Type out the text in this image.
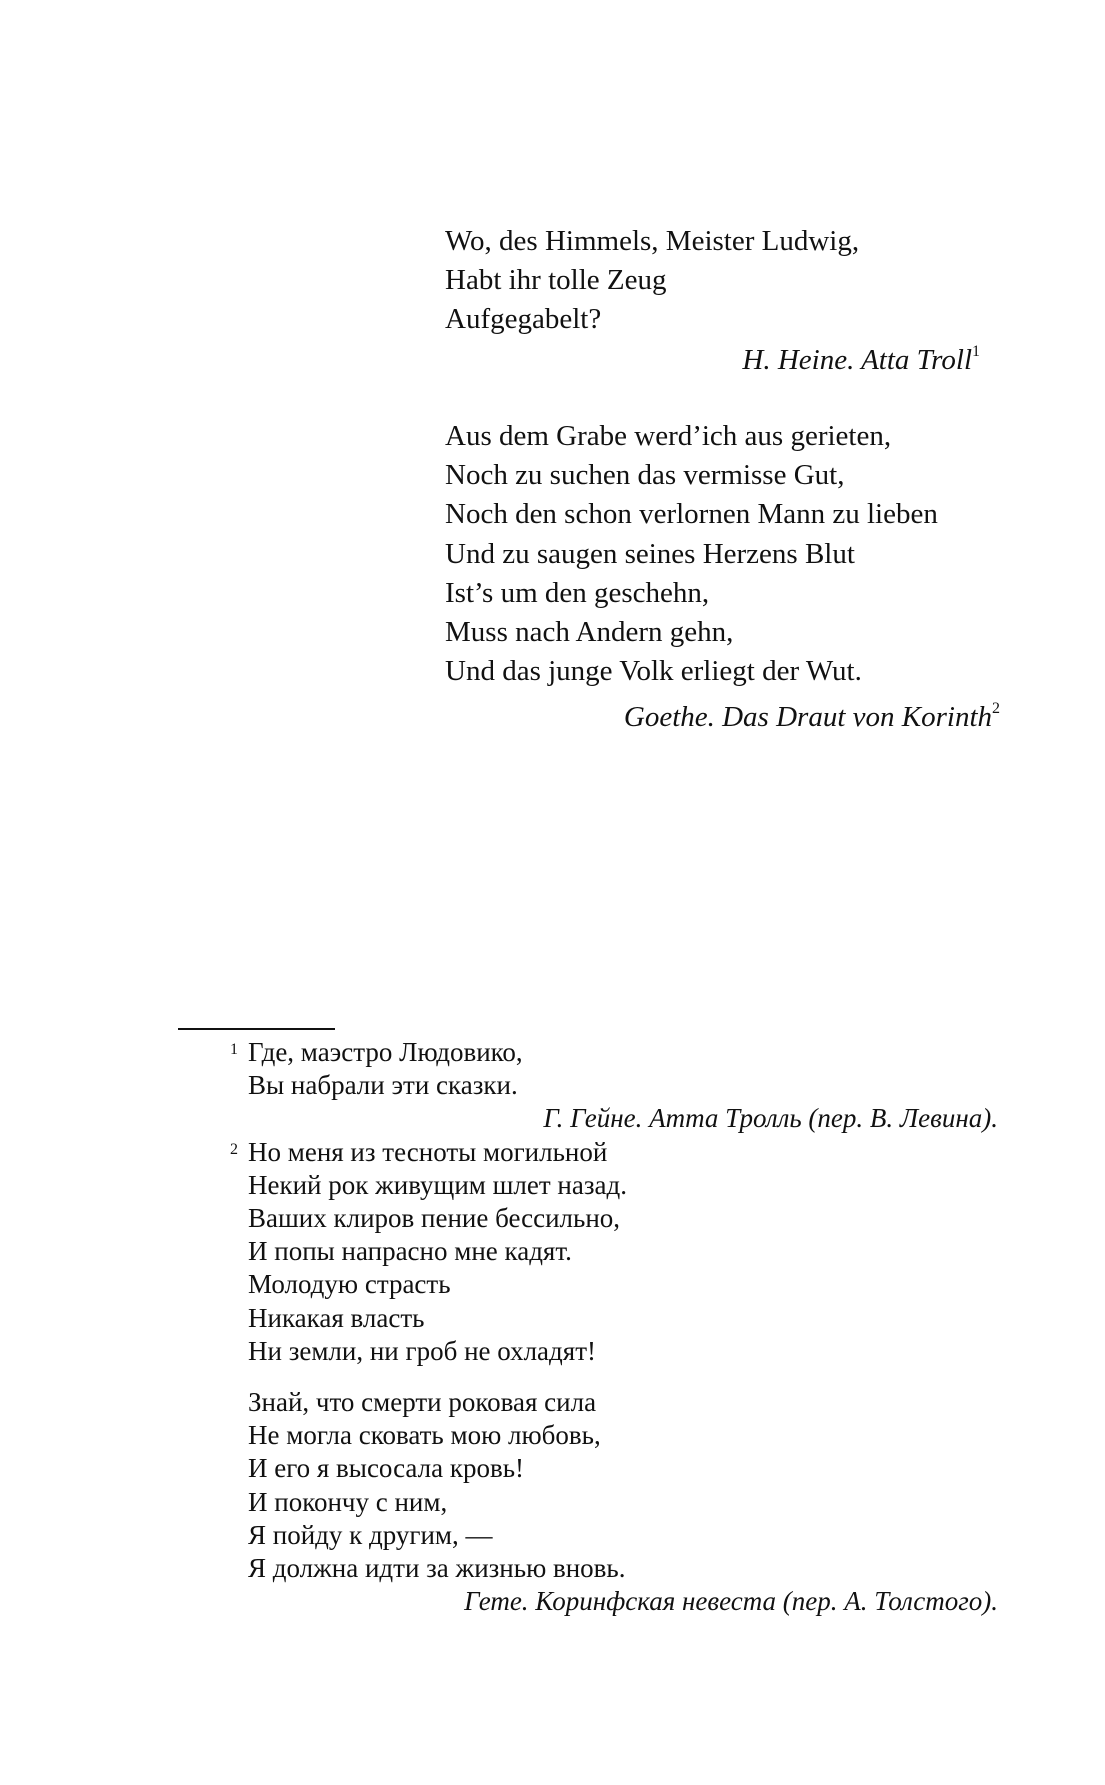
Wo, des Himmels, Meister Ludwig,
Habt ihr tolle Zeug
Aufgegabelt?
H. Heine. Atta Troll$^1$
Aus dem Grabe werd’ich aus gerieten,
Noch zu suchen das vermisse Gut,
Noch den schon verlornen Mann zu lieben
Und zu saugen seines Herzens Blut
Ist’s um den geschehn,
Muss nach Andern gehn,
Und das junge Volk erliegt der Wut.
Goethe. Das Draut von Korinth$^2$
1 Где, маэстро Людовико,
Вы набрали эти сказки.
Г. Гейне. Атта Тролль (пер. В. Левина).
2 Но меня из тесноты могильной
Некий рок живущим шлет назад.
Ваших клиров пение бессильно,
И попы напрасно мне кадят.
Молодую страсть
Никакая власть
Ни земли, ни гроб не охладят!
Знай, что смерти роковая сила
Не могла сковать мою любовь,
И его я высосала кровь!
И покончу с ним,
Я пойду к другим, —
Я должна идти за жизнью вновь.
Гете. Коринфская невеста (пер. А. Толстого).
